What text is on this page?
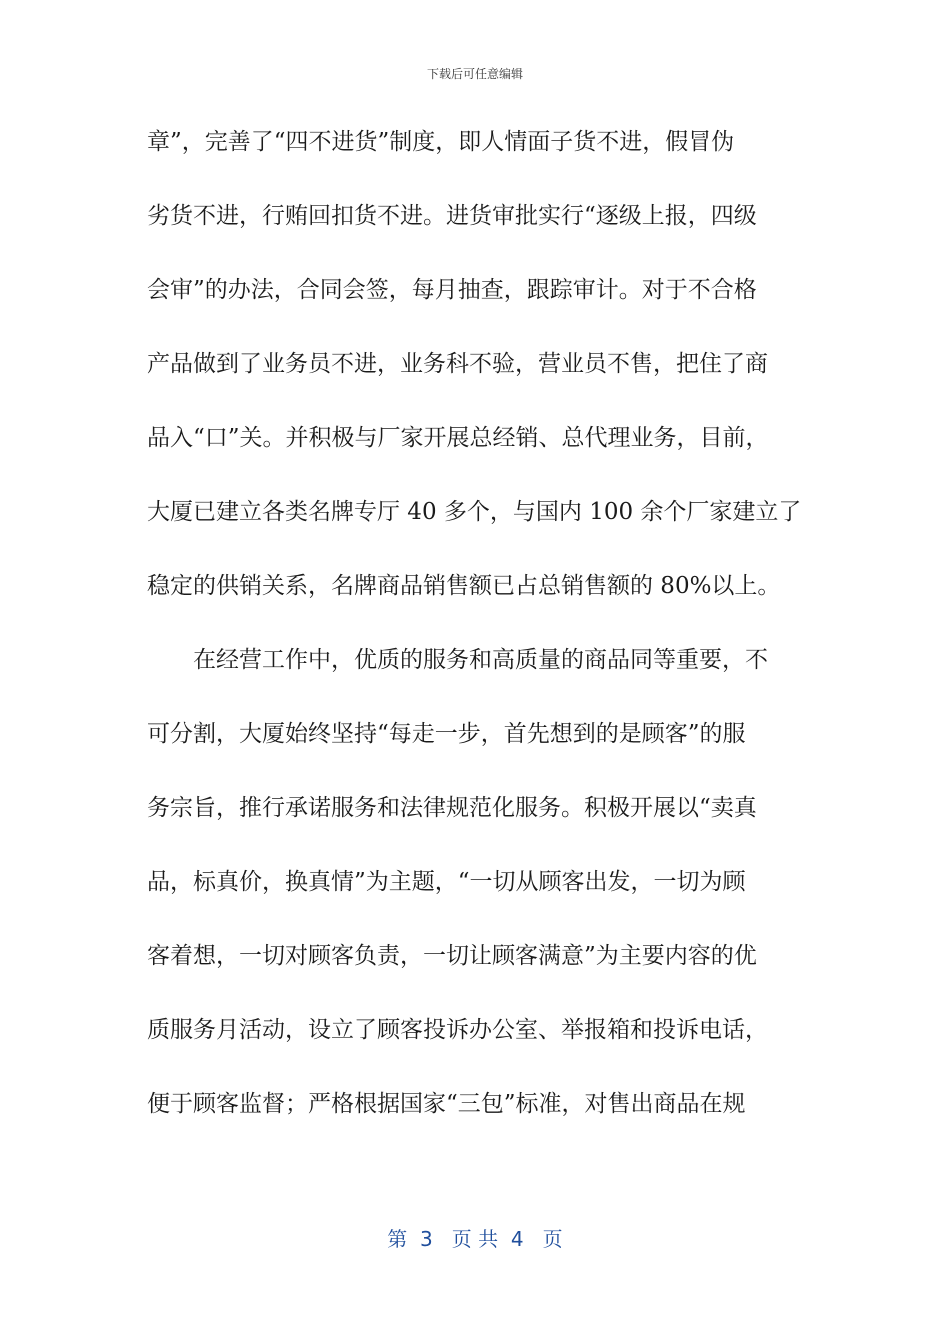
下载后可任意编辑
章”，完善了“四不进货”制度，即人情面子货不进，假冒伪
劣货不进，行贿回扣货不进。进货审批实行“逐级上报，四级
会审”的办法，合同会签，每月抽查，跟踪审计。对于不合格
产品做到了业务员不进，业务科不验，营业员不售，把住了商
品入“口”关。并积极与厂家开展总经销、总代理业务，目前，
大厦已建立各类名牌专厅 40 多个，与国内 100 余个厂家建立了
稳定的供销关系，名牌商品销售额已占总销售额的 80%以上。
在经营工作中，优质的服务和高质量的商品同等重要，不
可分割，大厦始终坚持“每走一步，首先想到的是顾客”的服
务宗旨，推行承诺服务和法律规范化服务。积极开展以“卖真
品，标真价，换真情”为主题，“一切从顾客出发，一切为顾
客着想，一切对顾客负责，一切让顾客满意”为主要内容的优
质服务月活动，设立了顾客投诉办公室、举报箱和投诉电话，
便于顾客监督；严格根据国家“三包”标准，对售出商品在规
第  3   页 共  4   页
